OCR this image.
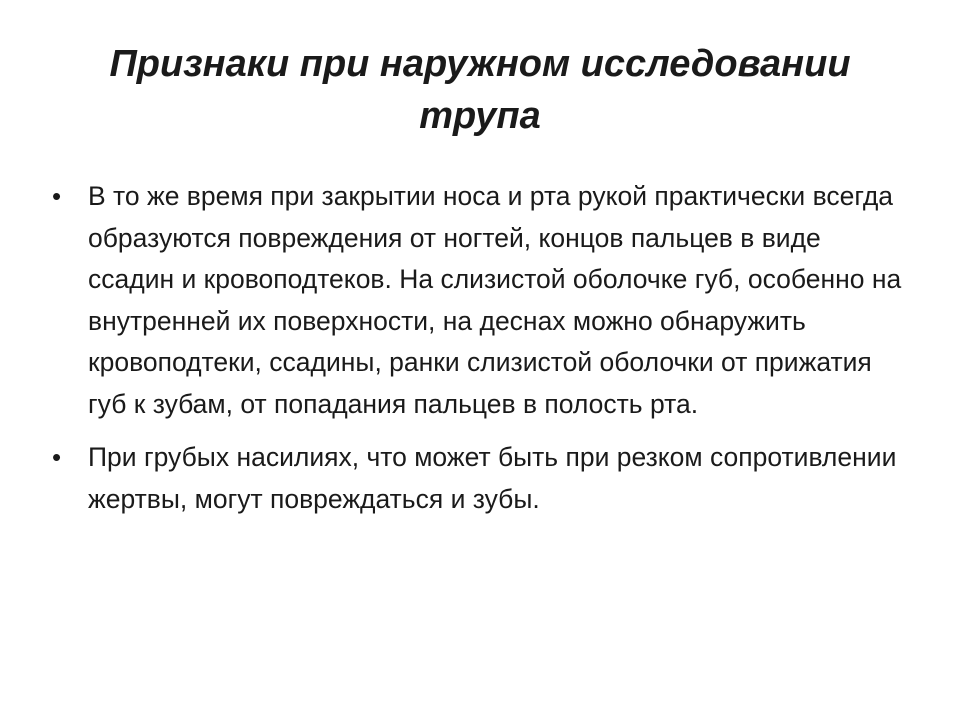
Признаки при наружном исследовании трупа
• В то же время при закрытии носа и рта рукой практически всегда образуются повреждения от ногтей, концов пальцев в виде ссадин и кровоподтеков. На слизистой оболочке губ, особенно на внутренней их поверхности, на деснах можно обнаружить кровоподтеки, ссадины, ранки слизистой оболочки от прижатия губ к зубам, от попадания пальцев в полость рта.
• При грубых насилиях, что может быть при резком сопротивлении жертвы, могут повреждаться и зубы.
